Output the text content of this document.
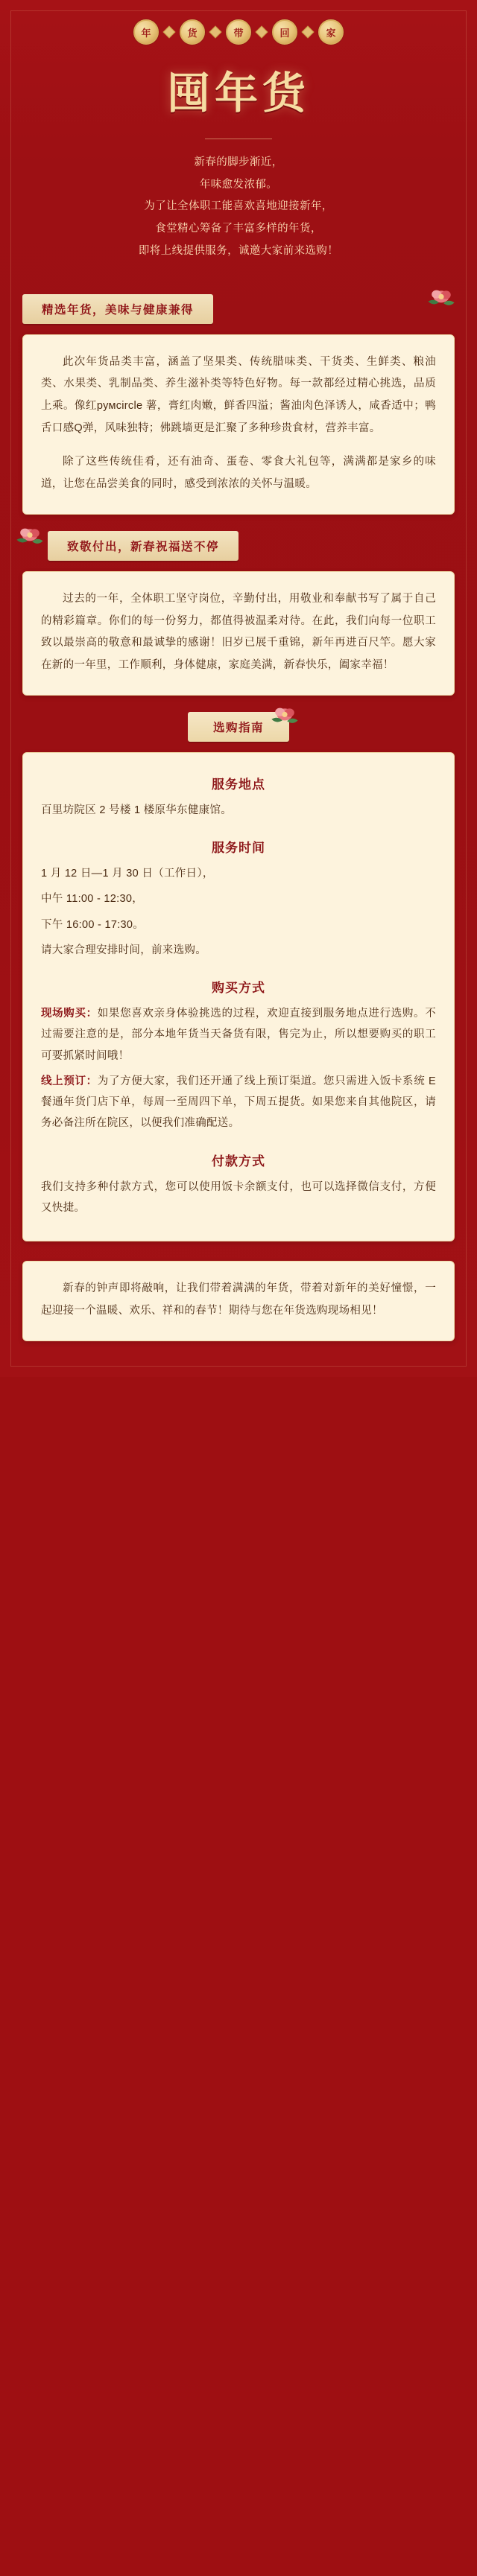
年	货	带	回	家
囤年货
新春的脚步渐近，
年味愈发浓郁。
为了让全体职工能喜欢喜地迎接新年，
食堂精心筹备了丰富多样的年货，
即将上线提供服务，诚邀大家前来选购！
精选年货，美味与健康兼得

此次年货品类丰富，涵盖了坚果类、传统腊味类、干货类、生鲜类、粮油类、水果类、乳制品类、养生滋补类等特色好物。每一款都经过精心挑选，品质上乘。像红румcircle 薯，膏红肉嫩，鲜香四溢；酱油肉色泽诱人，咸香适中；鸭舌口感Q弹，风味独特；佛跳墙更是汇聚了多种珍贵食材，营养丰富。

除了这些传统佳肴，还有油奇、蛋卷、零食大礼包等，满满都是家乡的味道，让您在品尝美食的同时，感受到浓浓的关怀与温暖。

致敬付出，新春祝福送不停

过去的一年，全体职工坚守岗位，辛勤付出，用敬业和奉献书写了属于自己的精彩篇章。你们的每一份努力，都值得被温柔对待。在此，我们向每一位职工致以最崇高的敬意和最诚挚的感谢！旧岁已展千重锦，新年再进百尺竿。愿大家在新的一年里，工作顺利，身体健康，家庭美满，新春快乐，阖家幸福！

选购指南
服务地点

百里坊院区 2 号楼 1 楼原华东健康馆。

服务时间

1 月 12 日—1 月 30 日（工作日），

中午 11:00 - 12:30，

下午 16:00 - 17:30。

请大家合理安排时间，前来选购。

购买方式

现场购买：如果您喜欢亲身体验挑选的过程，欢迎直接到服务地点进行选购。不过需要注意的是，部分本地年货当天备货有限，售完为止，所以想要购买的职工可要抓紧时间哦！

线上预订：为了方便大家，我们还开通了线上预订渠道。您只需进入饭卡系统 E 餐通年货门店下单，每周一至周四下单，下周五提货。如果您来自其他院区，请务必备注所在院区，以便我们准确配送。

付款方式

我们支持多种付款方式，您可以使用饭卡余额支付，也可以选择微信支付，方便又快捷。

新春的钟声即将敲响，让我们带着满满的年货，带着对新年的美好憧憬，一起迎接一个温暖、欢乐、祥和的春节！期待与您在年货选购现场相见！
